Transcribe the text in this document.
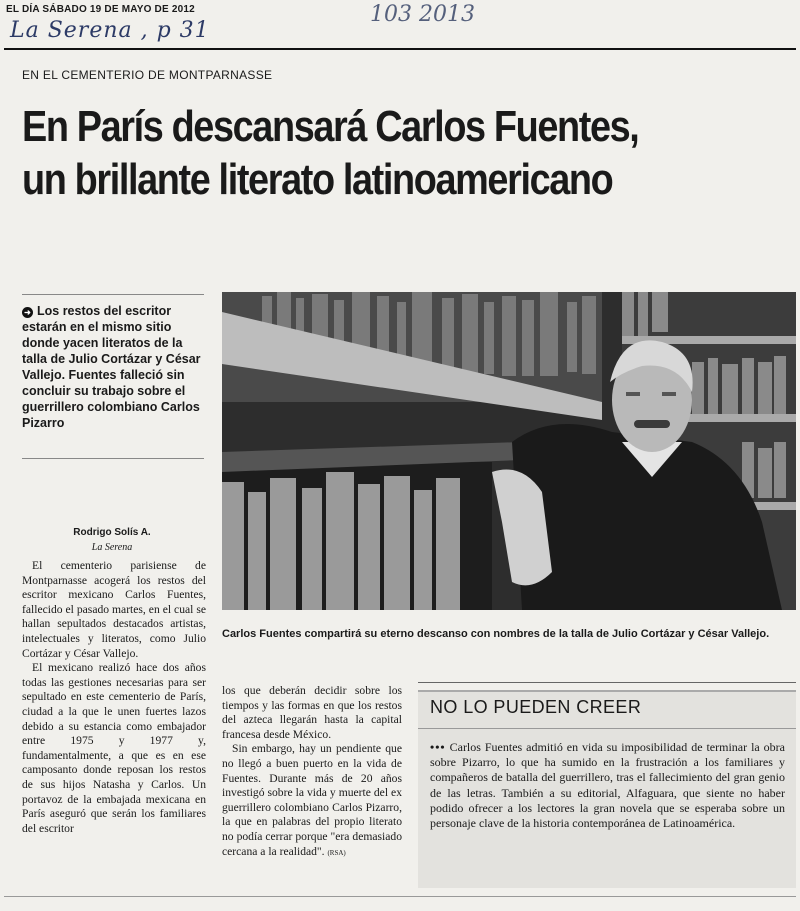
EL DÍA SÁBADO 19 DE MAYO DE 2012
La Serena , p 31
103 2013
EN EL CEMENTERIO DE MONTPARNASSE
En París descansará Carlos Fuentes,
un brillante literato latinoamericano
➜ Los restos del escritor estarán en el mismo sitio donde yacen literatos de la talla de Julio Cortázar y César Vallejo. Fuentes falleció sin concluir su trabajo sobre el guerrillero colombiano Carlos Pizarro
Rodrigo Solís A.
La Serena

El cementerio parisiense de Montparnasse acogerá los restos del escritor mexicano Carlos Fuentes, fallecido el pasado martes, en el cual se hallan sepultados destacados artistas, intelectuales y literatos, como Julio Cortázar y César Vallejo.

El mexicano realizó hace dos años todas las gestiones necesarias para ser sepultado en este cementerio de París, ciudad a la que le unen fuertes lazos debido a su estancia como embajador entre 1975 y 1977 y, fundamentalmente, a que es en ese camposanto donde reposan los restos de sus hijos Natasha y Carlos. Un portavoz de la embajada mexicana en París aseguró que serán los familiares del escritor

los que deberán decidir sobre los tiempos y las formas en que los restos del azteca llegarán hasta la capital francesa desde México.

Sin embargo, hay un pendiente que no llegó a buen puerto en la vida de Fuentes. Durante más de 20 años investigó sobre la vida y muerte del ex guerrillero colombiano Carlos Pizarro, la que en palabras del propio literato no podía cerrar porque "era demasiado cercana a la realidad". (RSA)

Carlos Fuentes compartirá su eterno descanso con nombres de la talla de Julio Cortázar y César Vallejo.
NO LO PUEDEN CREER
••• Carlos Fuentes admitió en vida su imposibilidad de terminar la obra sobre Pizarro, lo que ha sumido en la frustración a los familiares y compañeros de batalla del guerrillero, tras el fallecimiento del gran genio de las letras. También a su editorial, Alfaguara, que siente no haber podido ofrecer a los lectores la gran novela que se esperaba sobre un personaje clave de la historia contemporánea de Latinoamérica.
